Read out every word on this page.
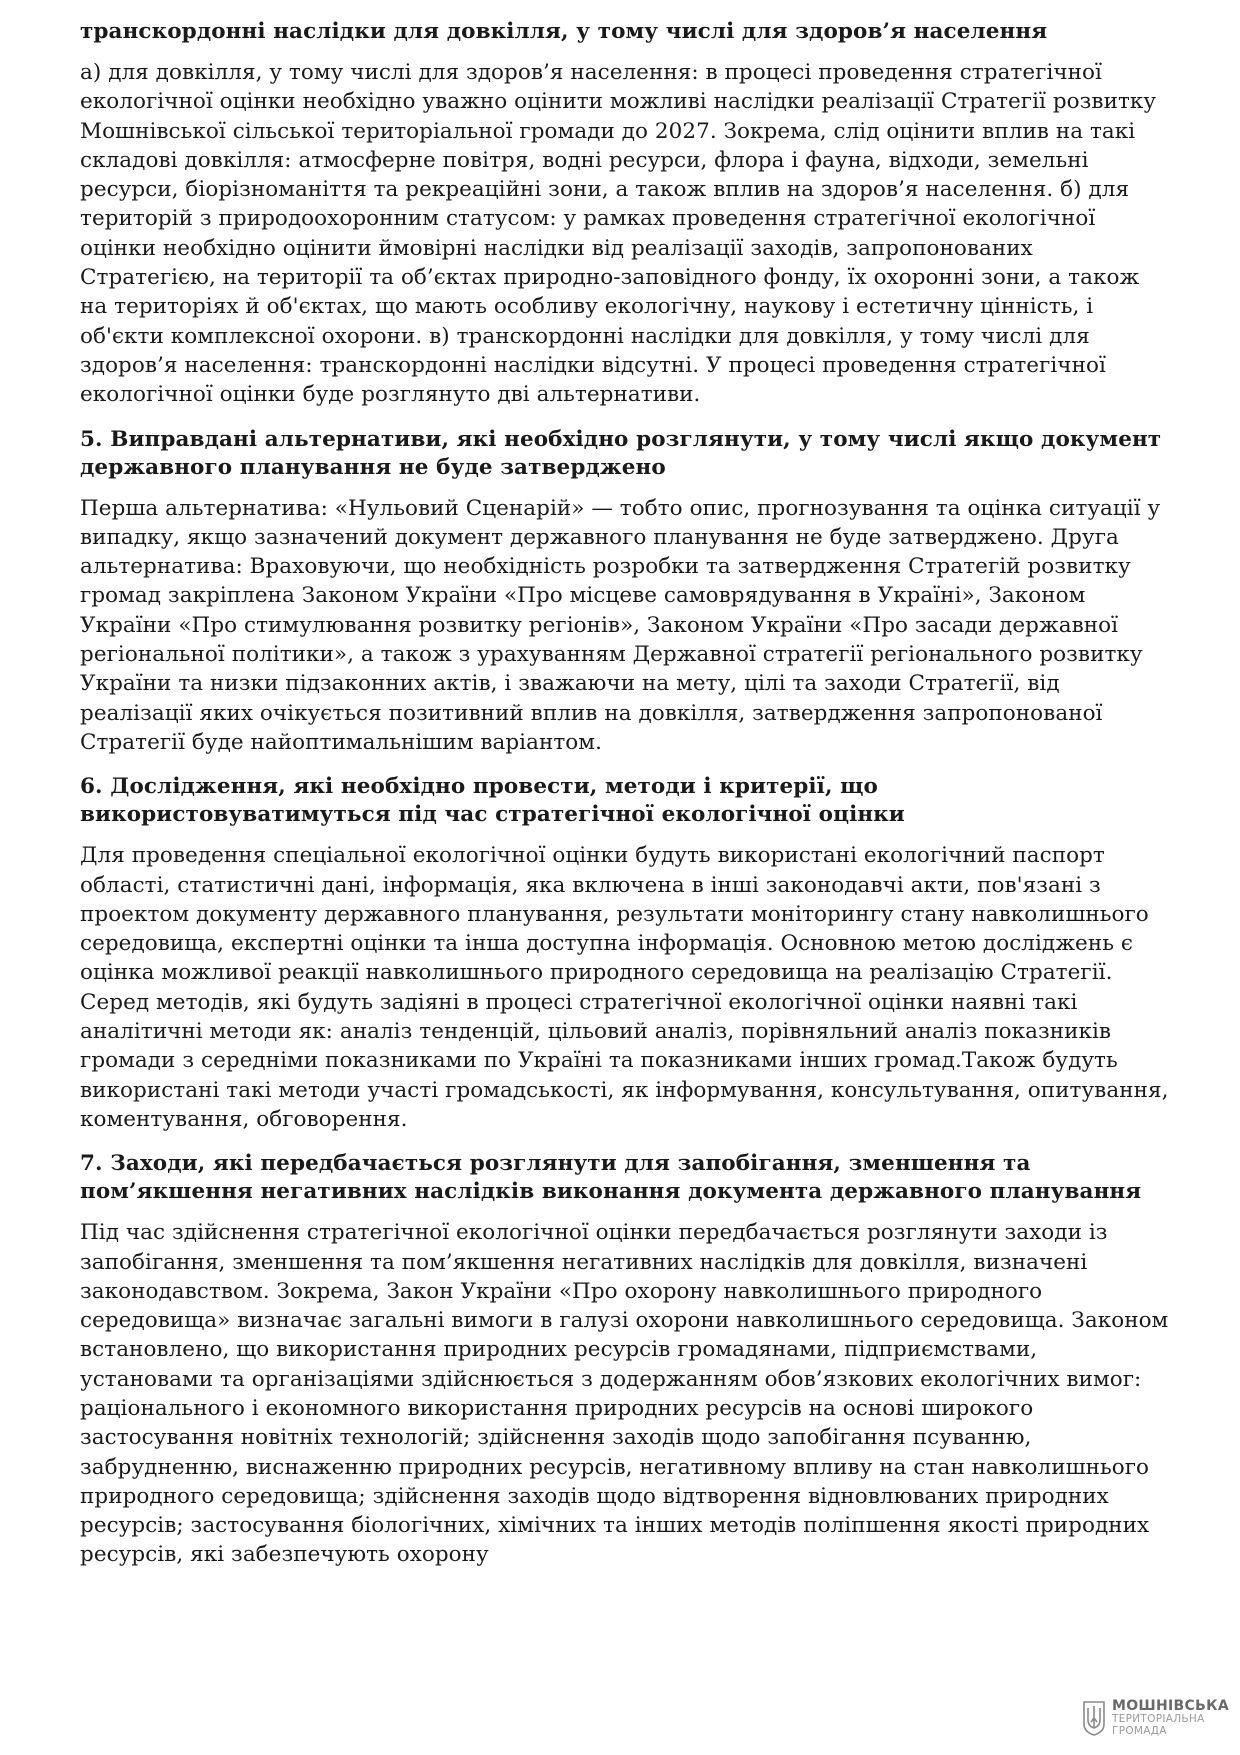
транскордонні наслідки для довкілля, у тому числі для здоров’я населення
а) для довкілля, у тому числі для здоров’я населення: в процесі проведення стратегічної екологічної оцінки необхідно уважно оцінити можливі наслідки реалізації Стратегії розвитку Мошнівської сільської територіальної громади до 2027. Зокрема, слід оцінити вплив на такі складові довкілля: атмосферне повітря, водні ресурси, флора і фауна, відходи, земельні ресурси, біорізноманіття та рекреаційні зони, а також вплив на здоров’я населення. б) для територій з природоохоронним статусом: у рамках проведення стратегічної екологічної оцінки необхідно оцінити ймовірні наслідки від реалізації заходів, запропонованих Стратегією, на території та об’єктах природно-заповідного фонду, їх охоронні зони, а також на територіях й об'єктах, що мають особливу екологічну, наукову і естетичну цінність, і об'єкти комплексної охорони. в) транскордонні наслідки для довкілля, у тому числі для здоров’я населення: транскордонні наслідки відсутні. У процесі проведення стратегічної екологічної оцінки буде розглянуто дві альтернативи.
5. Виправдані альтернативи, які необхідно розглянути, у тому числі якщо документ державного планування не буде затверджено
Перша альтернатива: «Нульовий Сценарій» — тобто опис, прогнозування та оцінка ситуації у випадку, якщо зазначений документ державного планування не буде затверджено. Друга альтернатива: Враховуючи, що необхідність розробки та затвердження Стратегій розвитку громад закріплена Законом України «Про місцеве самоврядування в Україні», Законом України «Про стимулювання розвитку регіонів», Законом України «Про засади державної регіональної політики», а також з урахуванням Державної стратегії регіонального розвитку України та низки підзаконних актів, і зважаючи на мету, цілі та заходи Стратегії, від реалізації яких очікується позитивний вплив на довкілля, затвердження запропонованої Стратегії буде найоптимальнішим варіантом.
6. Дослідження, які необхідно провести, методи і критерії, що використовуватимуться під час стратегічної екологічної оцінки
Для проведення спеціальної екологічної оцінки будуть використані екологічний паспорт області, статистичні дані, інформація, яка включена в інші законодавчі акти, пов'язані з проектом документу державного планування, результати моніторингу стану навколишнього середовища, експертні оцінки та інша доступна інформація. Основною метою досліджень є оцінка можливої реакції навколишнього природного середовища на реалізацію Стратегії. Серед методів, які будуть задіяні в процесі стратегічної екологічної оцінки наявні такі аналітичні методи як: аналіз тенденцій, цільовий аналіз, порівняльний аналіз показників громади з середніми показниками по Україні та показниками інших громад.Також будуть використані такі методи участі громадськості, як інформування, консультування, опитування, коментування, обговорення.
7. Заходи, які передбачається розглянути для запобігання, зменшення та пом’якшення негативних наслідків виконання документа державного планування
Під час здійснення стратегічної екологічної оцінки передбачається розглянути заходи із запобігання, зменшення та пом’якшення негативних наслідків для довкілля, визначені законодавством. Зокрема, Закон України «Про охорону навколишнього природного середовища» визначає загальні вимоги в галузі охорони навколишнього середовища. Законом встановлено, що використання природних ресурсів громадянами, підприємствами, установами та організаціями здійснюється з додержанням обов’язкових екологічних вимог: раціонального і економного використання природних ресурсів на основі широкого застосування новітніх технологій; здійснення заходів щодо запобігання псуванню, забрудненню, виснаженню природних ресурсів, негативному впливу на стан навколишнього природного середовища; здійснення заходів щодо відтворення відновлюваних природних ресурсів; застосування біологічних, хімічних та інших методів поліпшення якості природних ресурсів, які забезпечують охорону
МОШНІВСЬКА
ТЕРИТОРІАЛЬНА
ГРОМАДА
